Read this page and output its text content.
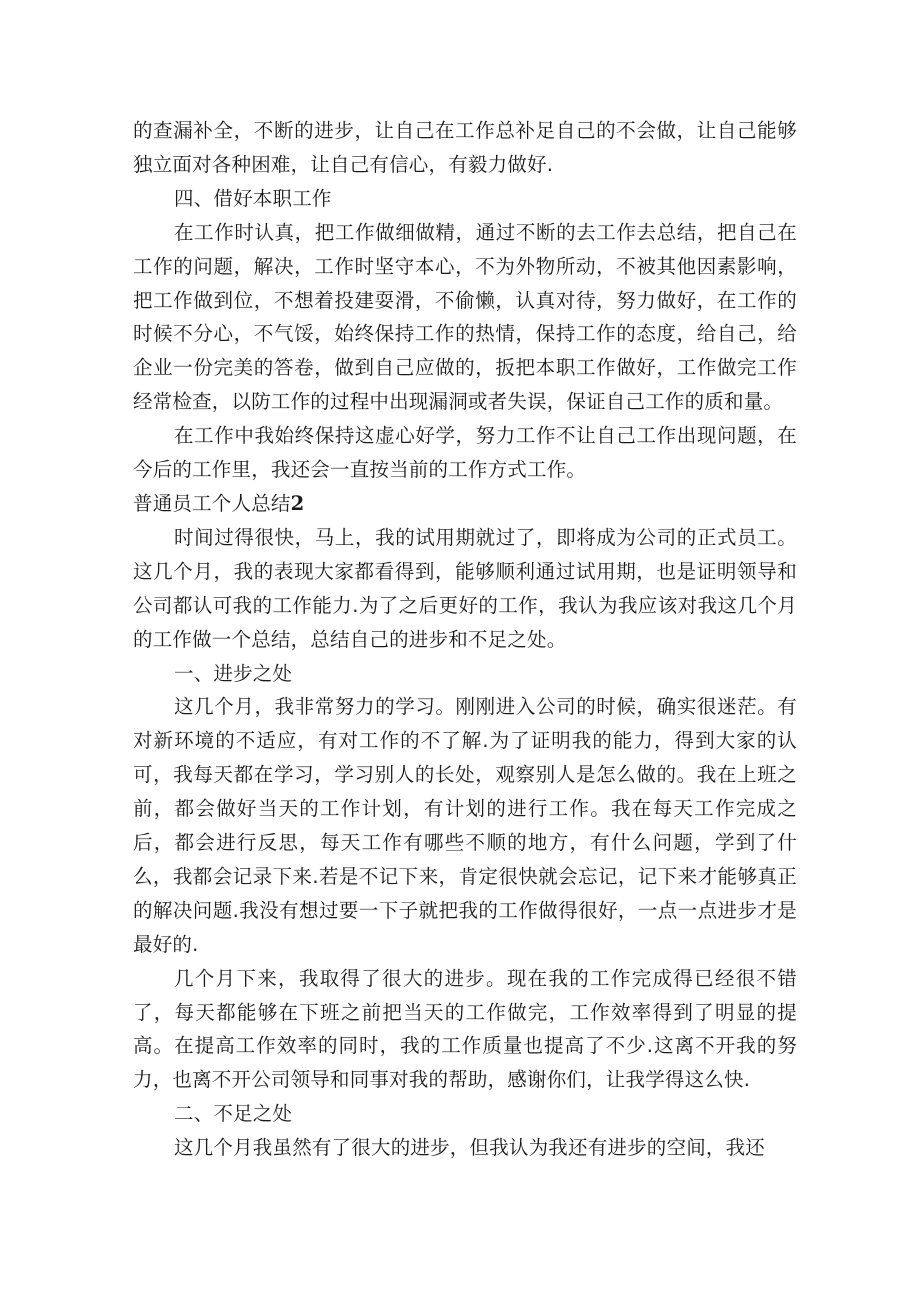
的查漏补全，不断的进步，让自己在工作总补足自己的不会做，让自己能够独立面对各种困难，让自己有信心，有毅力做好.

四、借好本职工作

在工作时认真，把工作做细做精，通过不断的去工作去总结，把自己在工作的问题，解决，工作时坚守本心，不为外物所动，不被其他因素影响，把工作做到位，不想着投建耍滑，不偷懒，认真对待，努力做好，在工作的时候不分心，不气馁，始终保持工作的热情，保持工作的态度，给自己，给企业一份完美的答卷，做到自己应做的，扳把本职工作做好，工作做完工作经常检查，以防工作的过程中出现漏洞或者失误，保证自己工作的质和量。

在工作中我始终保持这虚心好学，努力工作不让自己工作出现问题，在今后的工作里，我还会一直按当前的工作方式工作。

普通员工个人总结2

时间过得很快，马上，我的试用期就过了，即将成为公司的正式员工。这几个月，我的表现大家都看得到，能够顺利通过试用期，也是证明领导和公司都认可我的工作能力.为了之后更好的工作，我认为我应该对我这几个月的工作做一个总结，总结自己的进步和不足之处。

一、进步之处

这几个月，我非常努力的学习。刚刚进入公司的时候，确实很迷茫。有对新环境的不适应，有对工作的不了解.为了证明我的能力，得到大家的认可，我每天都在学习，学习别人的长处，观察别人是怎么做的。我在上班之前，都会做好当天的工作计划，有计划的进行工作。我在每天工作完成之后，都会进行反思，每天工作有哪些不顺的地方，有什么问题，学到了什么，我都会记录下来.若是不记下来，肯定很快就会忘记，记下来才能够真正的解决问题.我没有想过要一下子就把我的工作做得很好，一点一点进步才是最好的.

几个月下来，我取得了很大的进步。现在我的工作完成得已经很不错了，每天都能够在下班之前把当天的工作做完，工作效率得到了明显的提高。在提高工作效率的同时，我的工作质量也提高了不少.这离不开我的努力，也离不开公司领导和同事对我的帮助，感谢你们，让我学得这么快.

二、不足之处

这几个月我虽然有了很大的进步，但我认为我还有进步的空间，我还
